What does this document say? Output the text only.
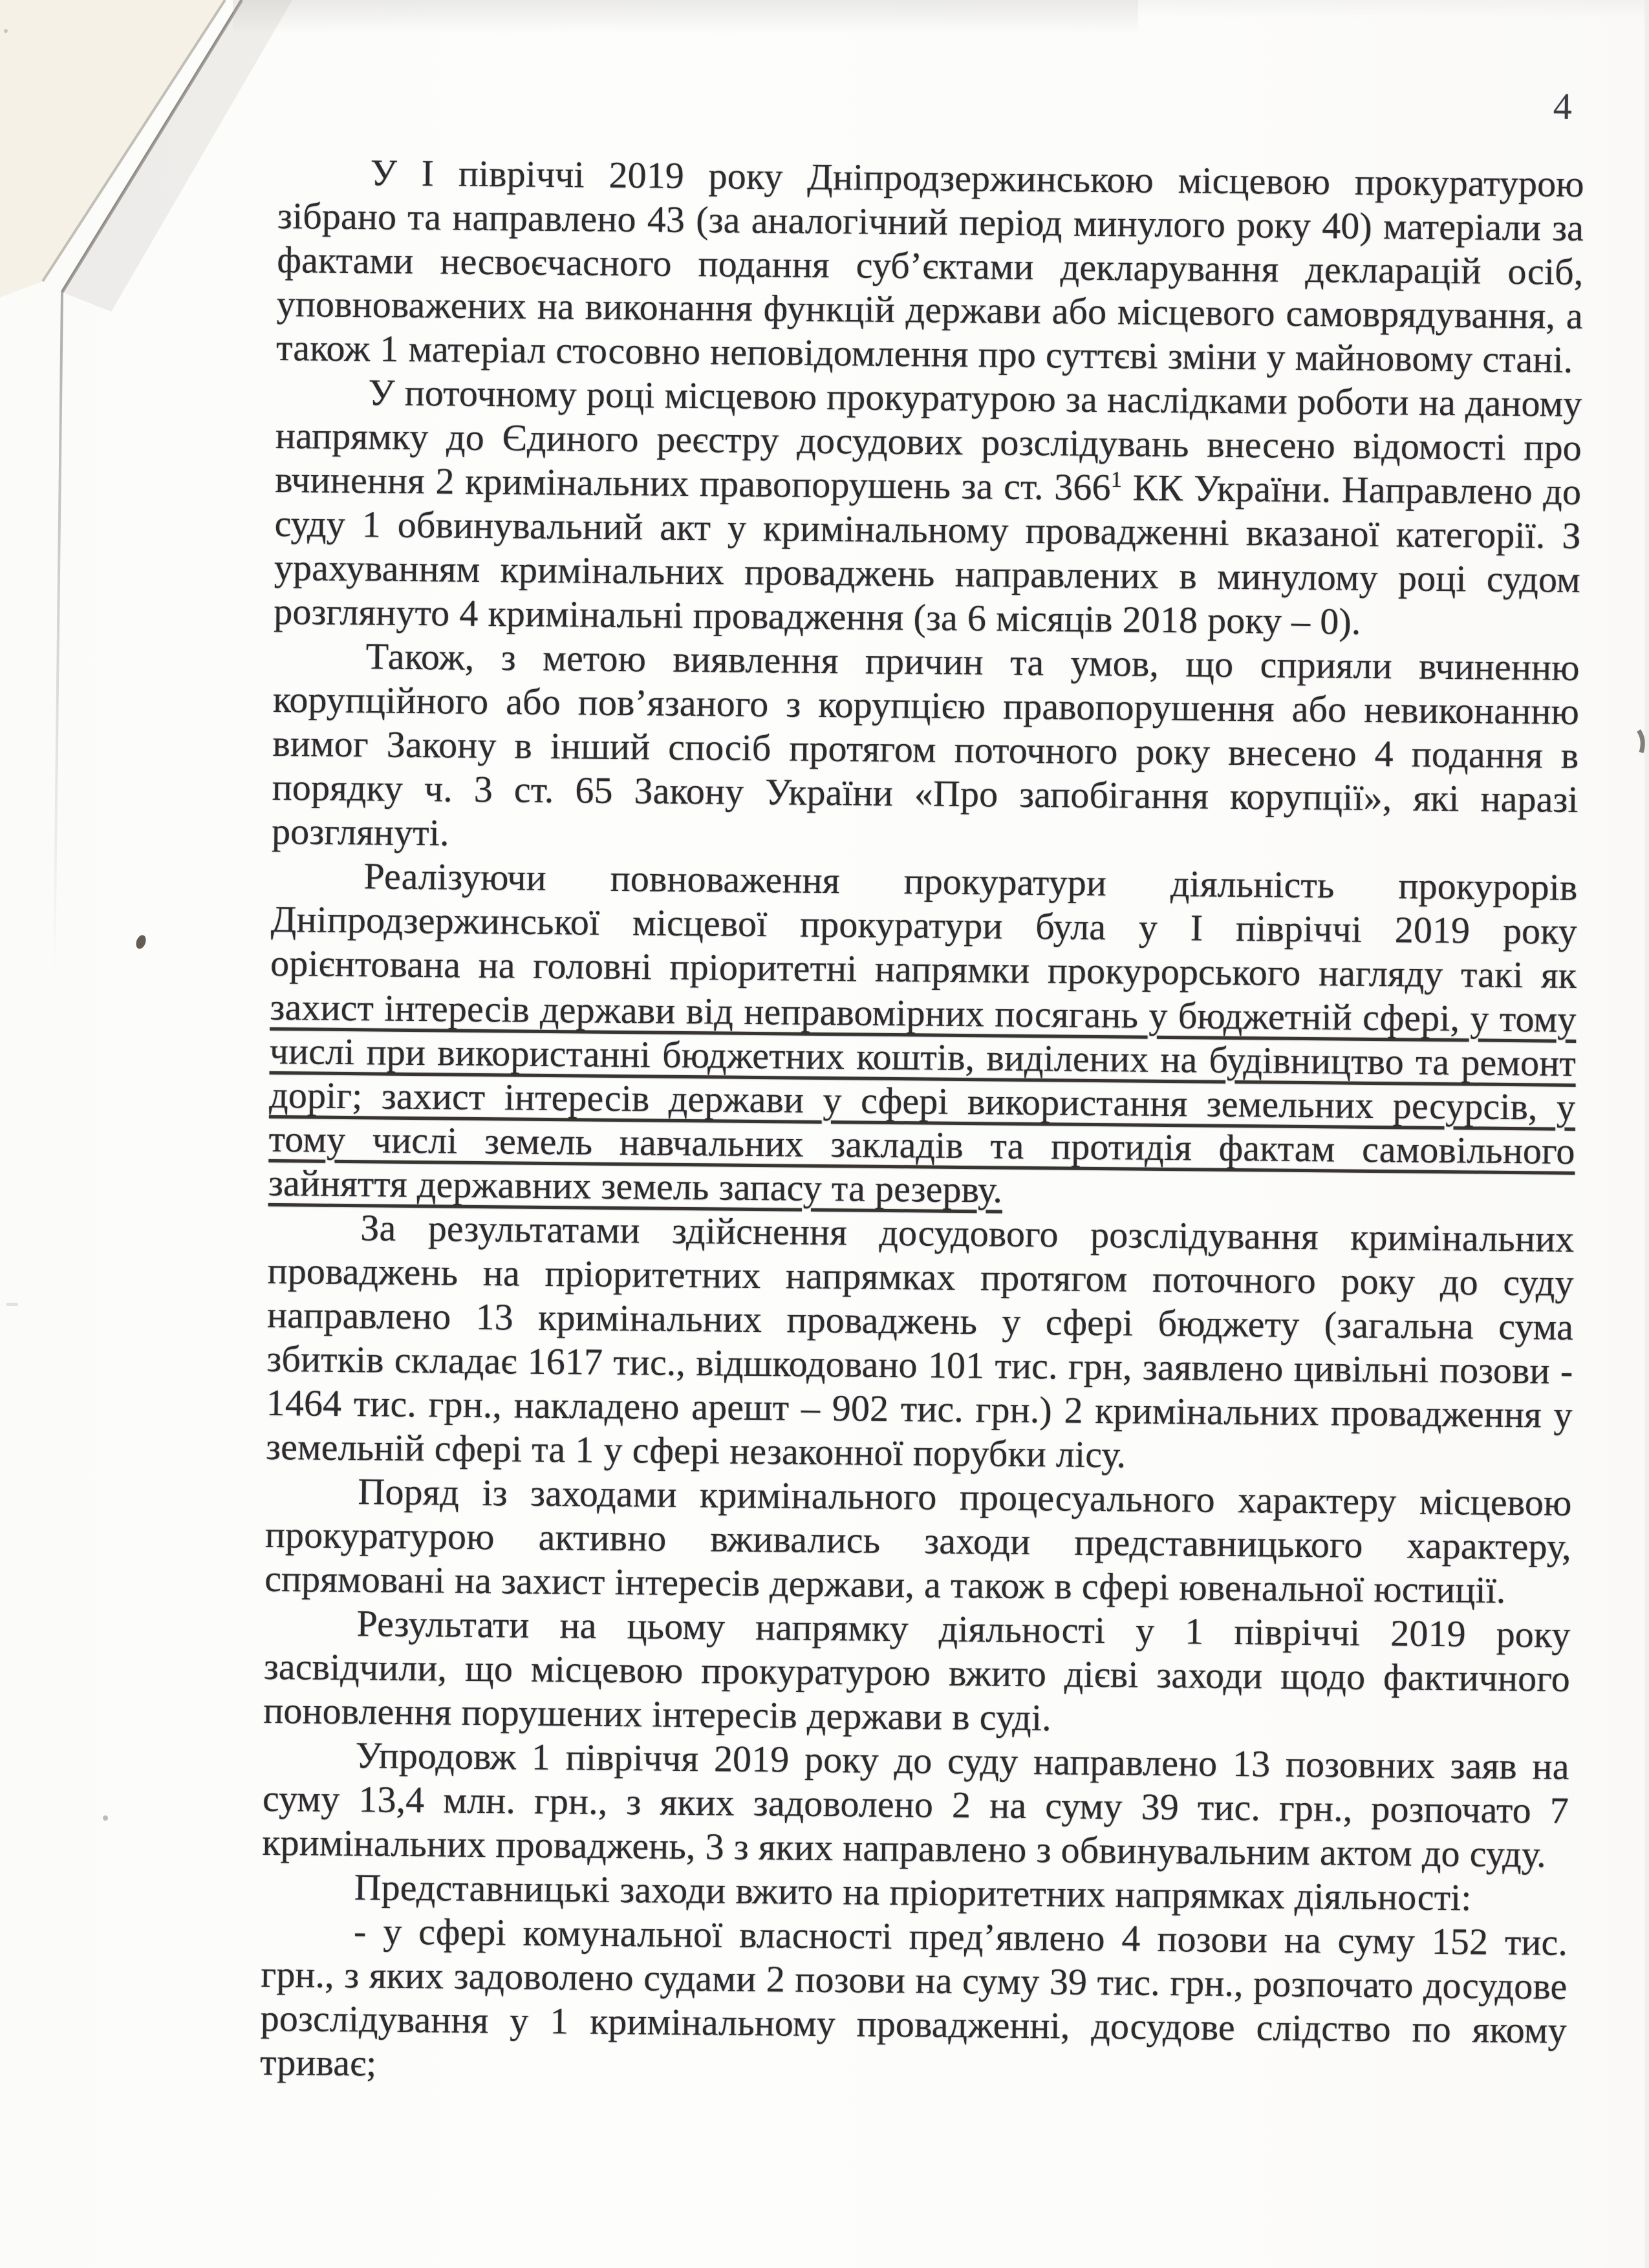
4

У І півріччі 2019 року Дніпродзержинською місцевою прокуратурою зібрано та направлено 43 (за аналогічний період минулого року 40) матеріали за фактами несвоєчасного подання суб’єктами декларування декларацій осіб, уповноважених на виконання функцій держави або місцевого самоврядування, а також 1 матеріал стосовно неповідомлення про суттєві зміни у майновому стані.

У поточному році місцевою прокуратурою за наслідками роботи на даному напрямку до Єдиного реєстру досудових розслідувань внесено відомості про вчинення 2 кримінальних правопорушень за ст. $366^1$ КК України. Направлено до суду 1 обвинувальний акт у кримінальному провадженні вказаної категорії. З урахуванням кримінальних проваджень направлених в минулому році судом розглянуто 4 кримінальні провадження (за 6 місяців 2018 року – 0).

Також, з метою виявлення причин та умов, що сприяли вчиненню корупційного або пов’язаного з корупцією правопорушення або невиконанню вимог Закону в інший спосіб протягом поточного року внесено 4 подання в порядку ч. 3 ст. 65 Закону України «Про запобігання корупції», які наразі розглянуті.

Реалізуючи повноваження прокуратури діяльність прокурорів Дніпродзержинської місцевої прокуратури була у І півріччі 2019 року орієнтована на головні пріоритетні напрямки прокурорського нагляду такі як захист інтересів держави від неправомірних посягань у бюджетній сфері, у тому числі при використанні бюджетних коштів, виділених на будівництво та ремонт доріг; захист інтересів держави у сфері використання земельних ресурсів, у тому числі земель навчальних закладів та протидія фактам самовільного зайняття державних земель запасу та резерву.

За результатами здійснення досудового розслідування кримінальних проваджень на пріоритетних напрямках протягом поточного року до суду направлено 13 кримінальних проваджень у сфері бюджету (загальна сума збитків складає 1617 тис., відшкодовано 101 тис. грн, заявлено цивільні позови - 1464 тис. грн., накладено арешт – 902 тис. грн.) 2 кримінальних провадження у земельній сфері та 1 у сфері незаконної порубки лісу.

Поряд із заходами кримінального процесуального характеру місцевою прокуратурою активно вживались заходи представницького характеру, спрямовані на захист інтересів держави, а також в сфері ювенальної юстиції.

Результати на цьому напрямку діяльності у 1 півріччі 2019 року засвідчили, що місцевою прокуратурою вжито дієві заходи щодо фактичного поновлення порушених інтересів держави в суді.

Упродовж 1 півріччя 2019 року до суду направлено 13 позовних заяв на суму 13,4 млн. грн., з яких задоволено 2 на суму 39 тис. грн., розпочато 7 кримінальних проваджень, 3 з яких направлено з обвинувальним актом до суду.

Представницькі заходи вжито на пріоритетних напрямках діяльності:

- у сфері комунальної власності пред’явлено 4 позови на суму 152 тис. грн., з яких задоволено судами 2 позови на суму 39 тис. грн., розпочато досудове розслідування у 1 кримінальному провадженні, досудове слідство по якому триває;
